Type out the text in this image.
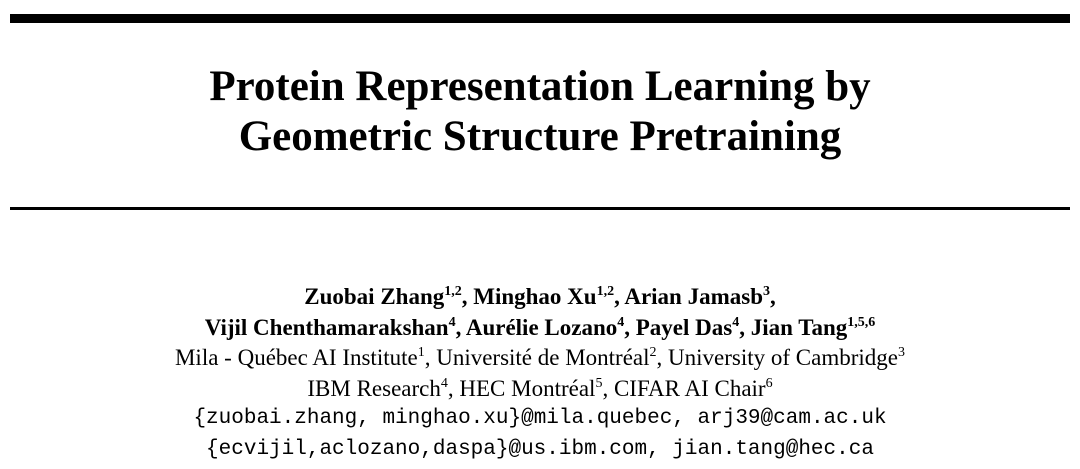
Protein Representation Learning by
Geometric Structure Pretraining
Zuobai Zhang$^{1,2}$, Minghao Xu$^{1,2}$, Arian Jamasb$^3$,
Vijil Chenthamarakshan$^4$, Aurélie Lozano$^4$, Payel Das$^4$, Jian Tang$^{1,5,6}$
Mila - Québec AI Institute$^1$, Université de Montréal$^2$, University of Cambridge$^3$
IBM Research$^4$, HEC Montréal$^5$, CIFAR AI Chair$^6$
{zuobai.zhang, minghao.xu}@mila.quebec, arj39@cam.ac.uk
{ecvijil,aclozano,daspa}@us.ibm.com, jian.tang@hec.ca
